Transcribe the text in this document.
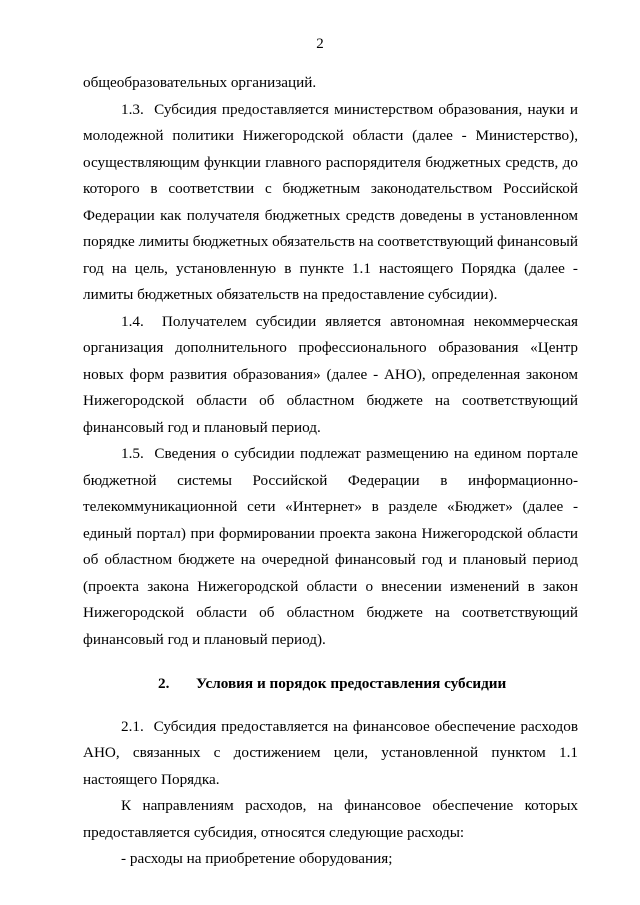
2

общеобразовательных организаций.

1.3.  Субсидия предоставляется министерством образования, науки и молодежной политики Нижегородской области (далее - Министерство), осуществляющим функции главного распорядителя бюджетных средств, до которого в соответствии с бюджетным законодательством Российской Федерации как получателя бюджетных средств доведены в установленном порядке лимиты бюджетных обязательств на соответствующий финансовый год на цель, установленную в пункте 1.1 настоящего Порядка (далее - лимиты бюджетных обязательств на предоставление субсидии).

1.4.  Получателем субсидии является автономная некоммерческая организация дополнительного профессионального образования «Центр новых форм развития образования» (далее - АНО), определенная законом Нижегородской области об областном бюджете на соответствующий финансовый год и плановый период.

1.5.  Сведения о субсидии подлежат размещению на едином портале бюджетной системы Российской Федерации в информационно-телекоммуникационной сети «Интернет» в разделе «Бюджет» (далее - единый портал) при формировании проекта закона Нижегородской области об областном бюджете на очередной финансовый год и плановый период (проекта закона Нижегородской области о внесении изменений в закон Нижегородской области об областном бюджете на соответствующий финансовый год и плановый период).

2. Условия и порядок предоставления субсидии

2.1.  Субсидия предоставляется на финансовое обеспечение расходов АНО, связанных с достижением цели, установленной пунктом 1.1 настоящего Порядка.

К направлениям расходов, на финансовое обеспечение которых предоставляется субсидия, относятся следующие расходы:

- расходы на приобретение оборудования;
